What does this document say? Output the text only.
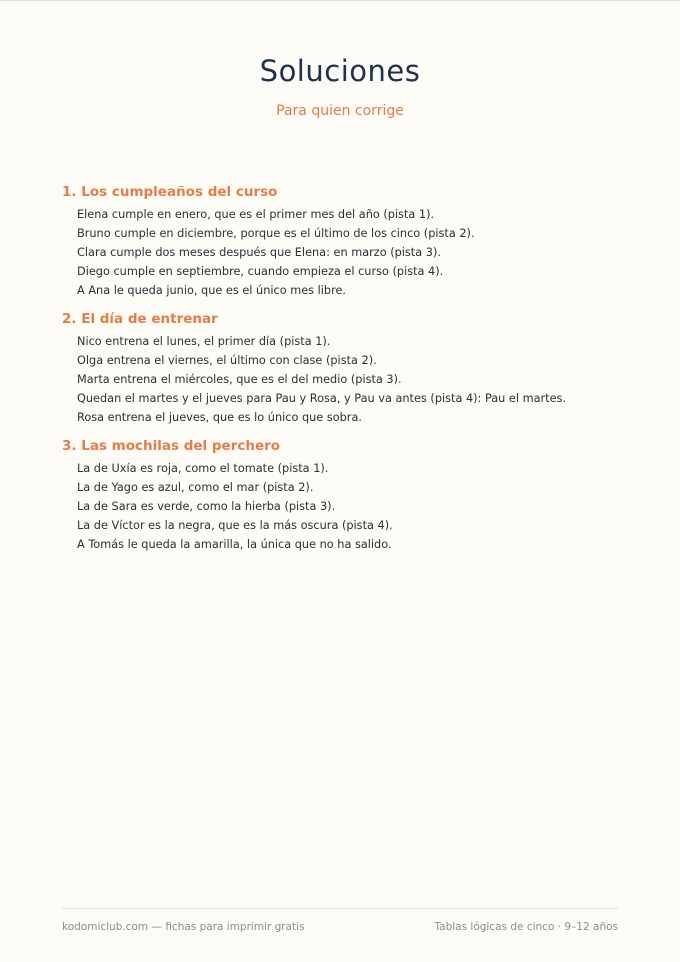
Soluciones
Para quien corrige
1. Los cumpleaños del curso
Elena cumple en enero, que es el primer mes del año (pista 1).
Bruno cumple en diciembre, porque es el último de los cinco (pista 2).
Clara cumple dos meses después que Elena: en marzo (pista 3).
Diego cumple en septiembre, cuando empieza el curso (pista 4).
A Ana le queda junio, que es el único mes libre.
2. El día de entrenar
Nico entrena el lunes, el primer día (pista 1).
Olga entrena el viernes, el último con clase (pista 2).
Marta entrena el miércoles, que es el del medio (pista 3).
Quedan el martes y el jueves para Pau y Rosa, y Pau va antes (pista 4): Pau el martes.
Rosa entrena el jueves, que es lo único que sobra.
3. Las mochilas del perchero
La de Uxía es roja, como el tomate (pista 1).
La de Yago es azul, como el mar (pista 2).
La de Sara es verde, como la hierba (pista 3).
La de Víctor es la negra, que es la más oscura (pista 4).
A Tomás le queda la amarilla, la única que no ha salido.
kodomiclub.com — fichas para imprimir gratis	Tablas lógicas de cinco · 9–12 años
